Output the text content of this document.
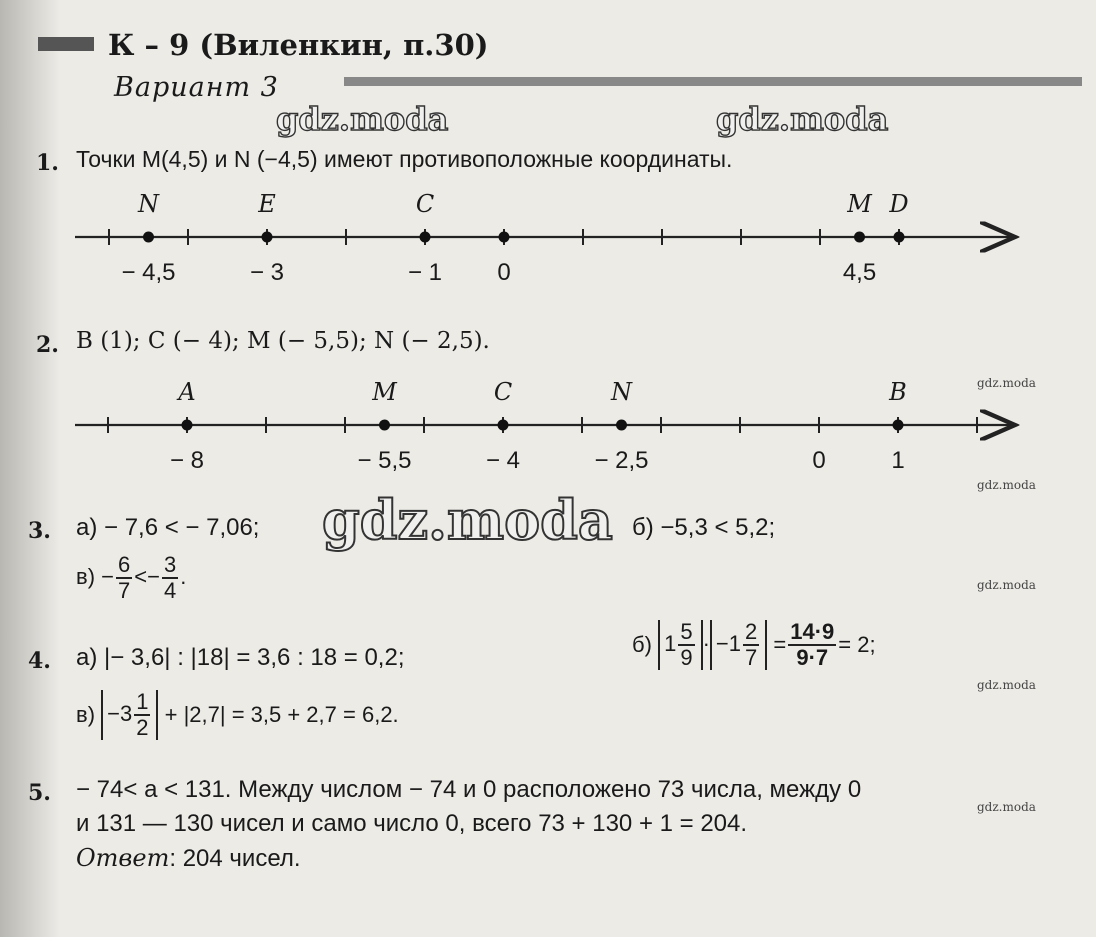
К – 9 (Виленкин, п.30)
Вариант 3
gdz.moda	gdz.moda
1. Точки M(4,5) и N (−4,5) имеют противоположные координаты.
N	E	C	M D
− 4,5	− 3	− 1 0	4,5
2. B (1); C (− 4); M (− 5,5); N (− 2,5).
A	M	C	N	B
− 8	− 5,5	− 4	− 2,5	0	1
gdz.moda
gdz.moda
gdz.moda
gdz.moda
gdz.moda
3. а) − 7,6 < − 7,06; gdz.moda б) −5,3 < 5,2;
$в) - \frac{6}{7} <- \frac{3}{4}$ .
4. а) |− 3,6| : |18| = 3,6 : 18 = 0,2;	б) $1 \frac{5}{9} \cdot -1 \frac{2}{7} = \frac{14\cdot 9}{9\cdot 7} = 2$;
$в) -3 \frac{1}{2} + |2,7| = 3,5 + 2,7 = 6,2$.
5. − 74< a < 131. Между числом − 74 и 0 расположено 73 числа, между 0
и 131 — 130 чисел и само число 0, всего 73 + 130 + 1 = 204.
Ответ: 204 чисел.
